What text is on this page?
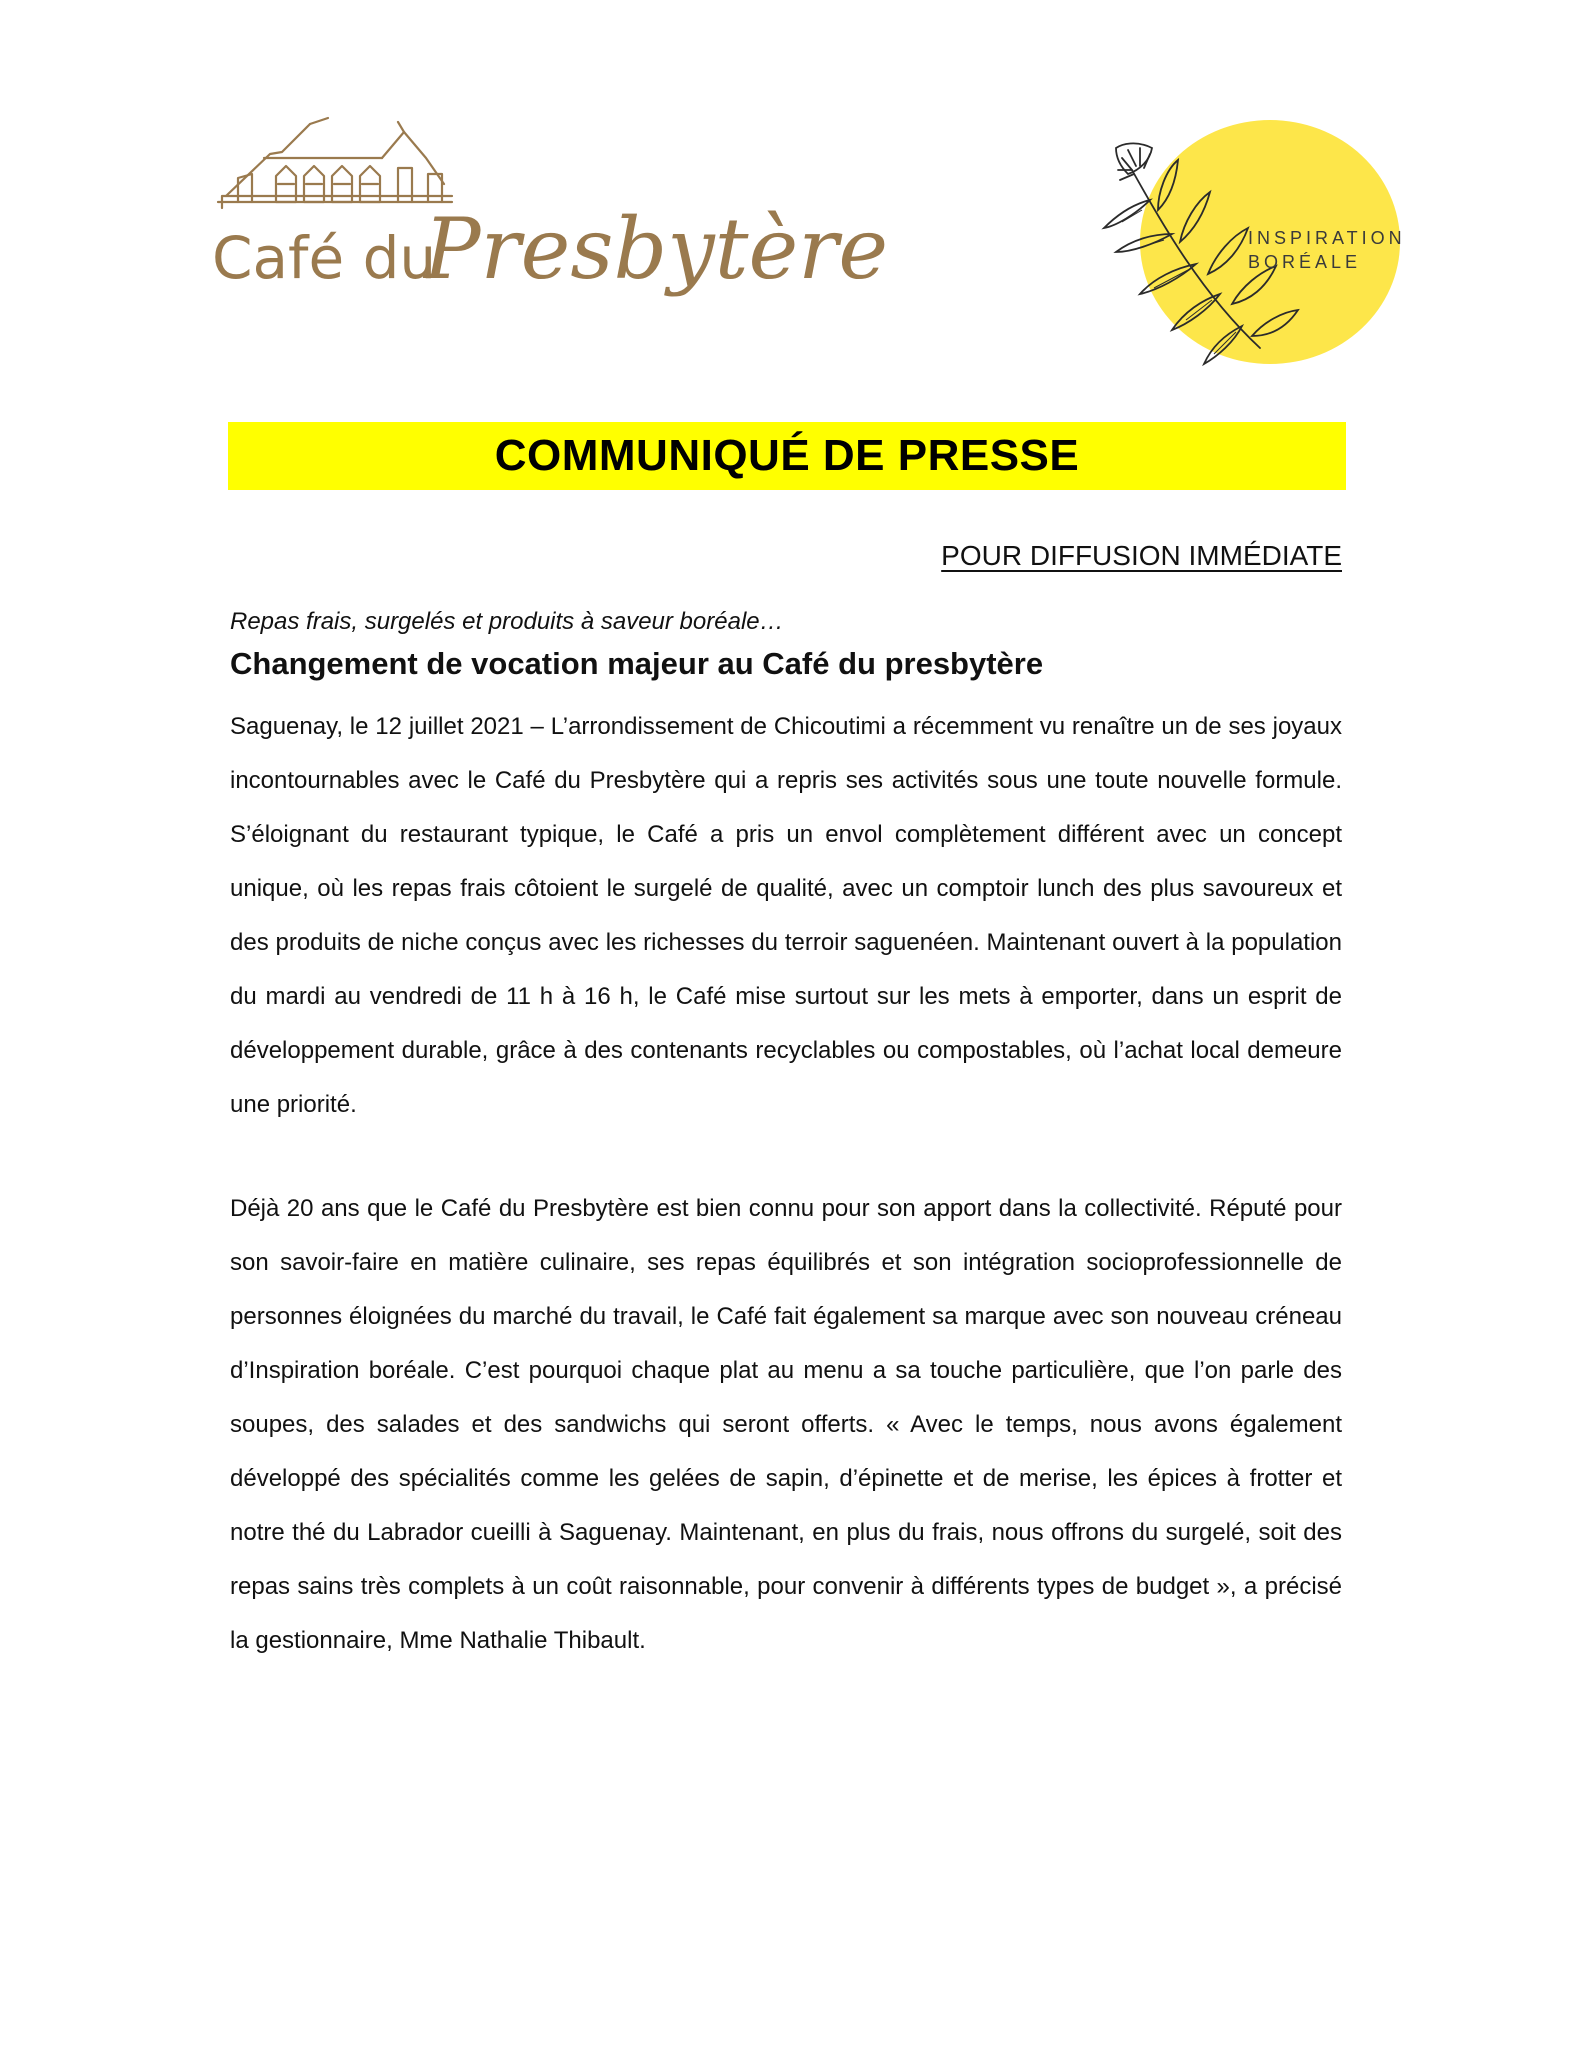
Café du
Presbytère	INSPIRATION
BORÉALE
COMMUNIQUÉ DE PRESSE
POUR DIFFUSION IMMÉDIATE

Repas frais, surgelés et produits à saveur boréale…

Changement de vocation majeur au Café du presbytère

Saguenay, le 12 juillet 2021 – L’arrondissement de Chicoutimi a récemment vu renaître un de ses joyaux incontournables avec le Café du Presbytère qui a repris ses activités sous une toute nouvelle formule. S’éloignant du restaurant typique, le Café a pris un envol complètement différent avec un concept unique, où les repas frais côtoient le surgelé de qualité, avec un comptoir lunch des plus savoureux et des produits de niche conçus avec les richesses du terroir saguenéen. Maintenant ouvert à la population du mardi au vendredi de 11 h à 16 h, le Café mise surtout sur les mets à emporter, dans un esprit de développement durable, grâce à des contenants recyclables ou compostables, où l’achat local demeure une priorité.

Déjà 20 ans que le Café du Presbytère est bien connu pour son apport dans la collectivité. Réputé pour son savoir-faire en matière culinaire, ses repas équilibrés et son intégration socioprofessionnelle de personnes éloignées du marché du travail, le Café fait également sa marque avec son nouveau créneau d’Inspiration boréale. C’est pourquoi chaque plat au menu a sa touche particulière, que l’on parle des soupes, des salades et des sandwichs qui seront offerts. « Avec le temps, nous avons également développé des spécialités comme les gelées de sapin, d’épinette et de merise, les épices à frotter et notre thé du Labrador cueilli à Saguenay. Maintenant, en plus du frais, nous offrons du surgelé, soit des repas sains très complets à un coût raisonnable, pour convenir à différents types de budget », a précisé la gestionnaire, Mme Nathalie Thibault.
